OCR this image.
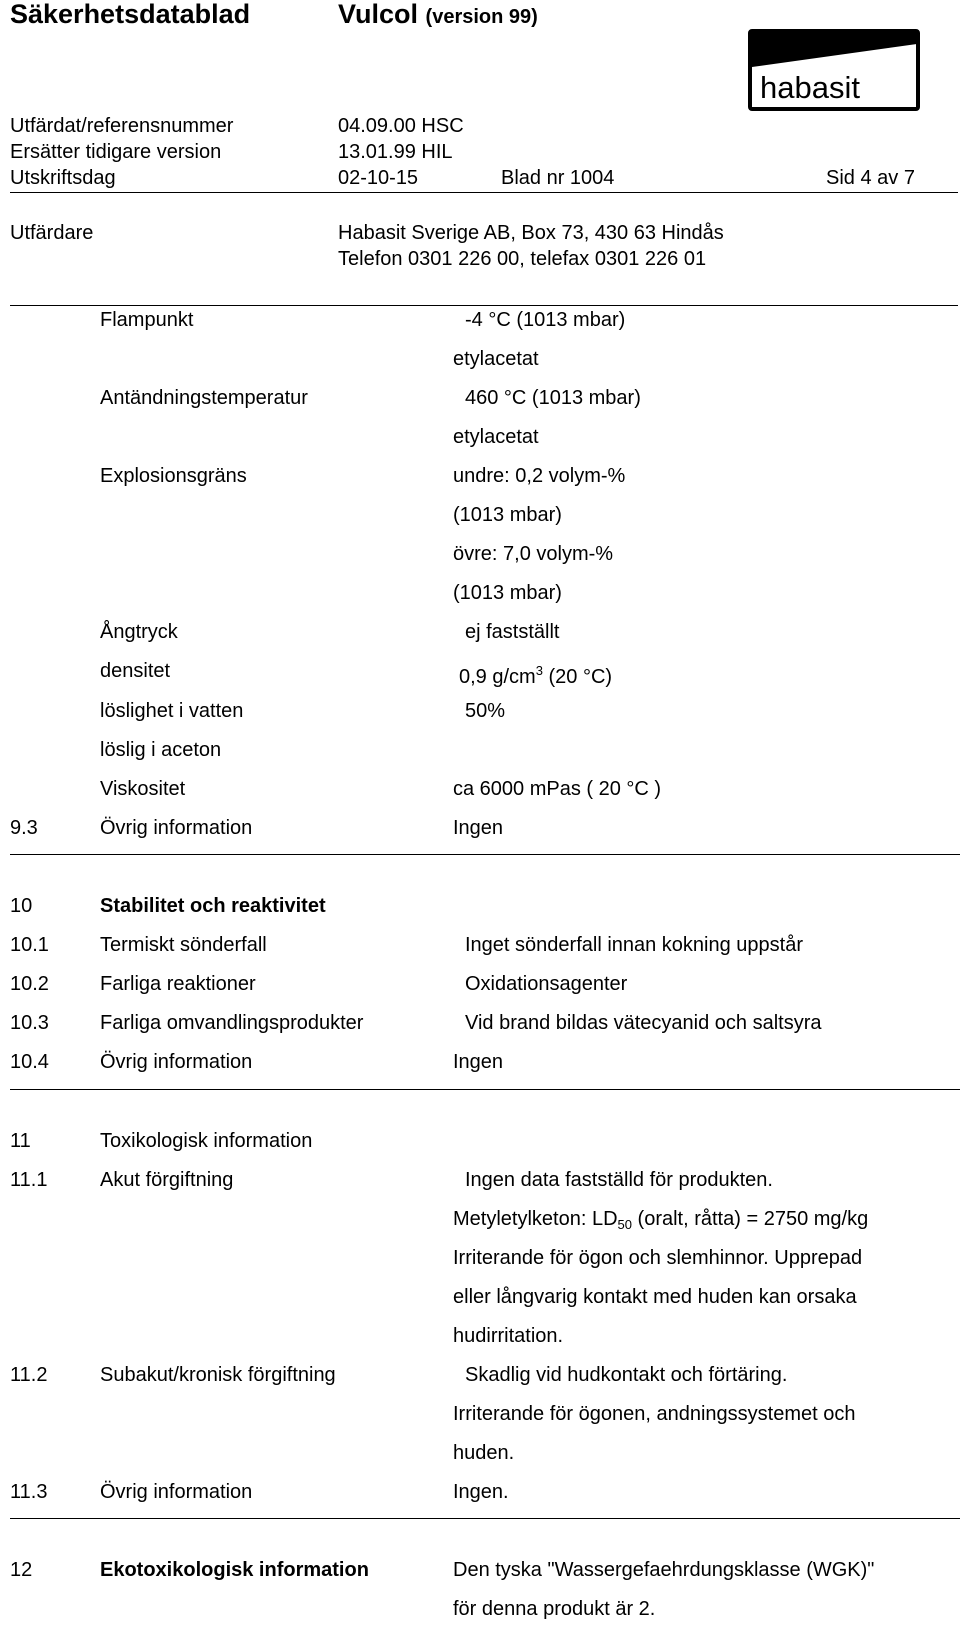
Säkerhetsdatablad	Vulcol (version 99)
habasit
Utfärdat/referensnummer	04.09.00 HSC
Ersätter tidigare version	13.01.99 HIL
Utskriftsdag	02-10-15	Blad nr 1004	Sid 4 av 7
Utfärdare	Habasit Sverige AB, Box 73, 430 63 Hindås
Telefon 0301 226 00, telefax 0301 226 01
Flampunkt	-4 °C (1013 mbar)
etylacetat
Antändningstemperatur	460 °C (1013 mbar)
etylacetat
Explosionsgräns	undre: 0,2 volym-%
(1013 mbar)
övre: 7,0 volym-%
(1013 mbar)
Ångtryck	ej fastställt
densitet	0,9 $g/cm^3$ (20 °C)
löslighet i vatten	50%
löslig i aceton
Viskositet	ca 6000 mPas ( 20 °C )
9.3	Övrig information	Ingen
10	Stabilitet och reaktivitet
10.1	Termiskt sönderfall	Inget sönderfall innan kokning uppstår
10.2	Farliga reaktioner	Oxidationsagenter
10.3	Farliga omvandlingsprodukter	Vid brand bildas vätecyanid och saltsyra
10.4	Övrig information	Ingen
11	Toxikologisk information
11.1	Akut förgiftning	Ingen data fastställd för produkten.
Metyletylketon: $LD_{50}$ (oralt, råtta) = 2750 mg/kg
Irriterande för ögon och slemhinnor. Upprepad
eller långvarig kontakt med huden kan orsaka
hudirritation.
11.2	Subakut/kronisk förgiftning	Skadlig vid hudkontakt och förtäring.
Irriterande för ögonen, andningssystemet och
huden.
11.3	Övrig information	Ingen.
12	Ekotoxikologisk information	Den tyska "Wassergefaehrdungsklasse (WGK)"
för denna produkt är 2.
